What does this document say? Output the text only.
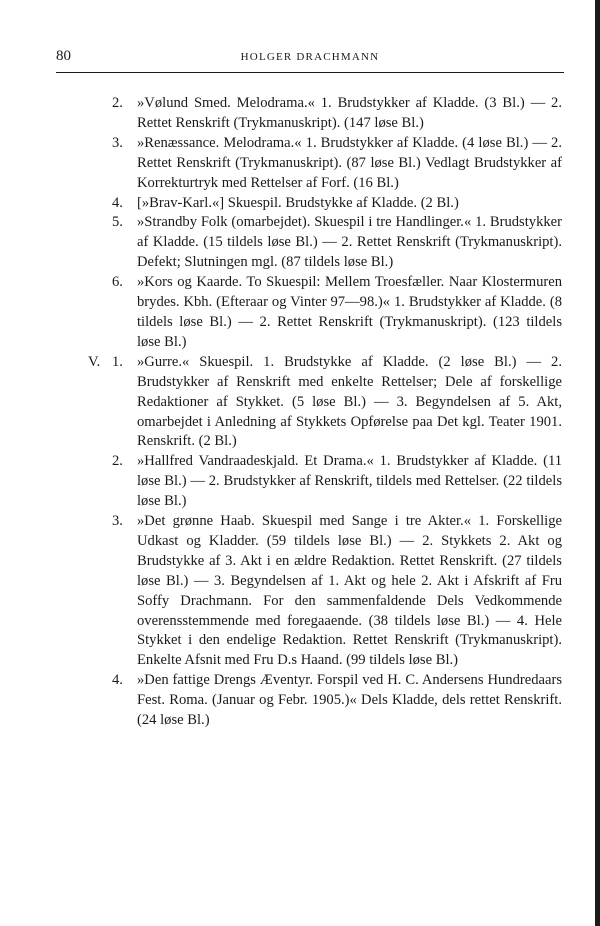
80	HOLGER DRACHMANN

2. »Vølund Smed. Melodrama.« 1. Brudstykker af Kladde. (3 Bl.) — 2. Rettet Renskrift (Trykmanuskript). (147 løse Bl.)

3. »Renæssance. Melodrama.« 1. Brudstykker af Kladde. (4 løse Bl.) — 2. Rettet Renskrift (Trykmanuskript). (87 løse Bl.) Vedlagt Brudstykker af Korrekturtryk med Rettelser af Forf. (16 Bl.)

4. [»Brav-Karl.«] Skuespil. Brudstykke af Kladde. (2 Bl.)

5. »Strandby Folk (omarbejdet). Skuespil i tre Handlinger.« 1. Brudstykker af Kladde. (15 tildels løse Bl.) — 2. Rettet Renskrift (Trykmanuskript). Defekt; Slutningen mgl. (87 tildels løse Bl.)

6. »Kors og Kaarde. To Skuespil: Mellem Troesfæller. Naar Klostermuren brydes. Kbh. (Efteraar og Vinter 97—98.)« 1. Brudstykker af Kladde. (8 tildels løse Bl.) — 2. Rettet Renskrift (Trykmanuskript). (123 tildels løse Bl.)

V. 1. »Gurre.« Skuespil. 1. Brudstykke af Kladde. (2 løse Bl.) — 2. Brudstykker af Renskrift med enkelte Rettelser; Dele af forskellige Redaktioner af Stykket. (5 løse Bl.) — 3. Begyndelsen af 5. Akt, omarbejdet i Anledning af Stykkets Opførelse paa Det kgl. Teater 1901. Renskrift. (2 Bl.)

2. »Hallfred Vandraadeskjald. Et Drama.« 1. Brudstykker af Kladde. (11 løse Bl.) — 2. Brudstykker af Renskrift, tildels med Rettelser. (22 tildels løse Bl.)

3. »Det grønne Haab. Skuespil med Sange i tre Akter.« 1. Forskellige Udkast og Kladder. (59 tildels løse Bl.) — 2. Stykkets 2. Akt og Brudstykke af 3. Akt i en ældre Redaktion. Rettet Renskrift. (27 tildels løse Bl.) — 3. Begyndelsen af 1. Akt og hele 2. Akt i Afskrift af Fru Soffy Drachmann. For den sammenfaldende Dels Vedkommende overensstemmende med foregaaende. (38 tildels løse Bl.) — 4. Hele Stykket i den endelige Redaktion. Rettet Renskrift (Trykmanuskript). Enkelte Afsnit med Fru D.s Haand. (99 tildels løse Bl.)

4. »Den fattige Drengs Æventyr. Forspil ved H. C. Andersens Hundredaars Fest. Roma. (Januar og Febr. 1905.)« Dels Kladde, dels rettet Renskrift. (24 løse Bl.)
